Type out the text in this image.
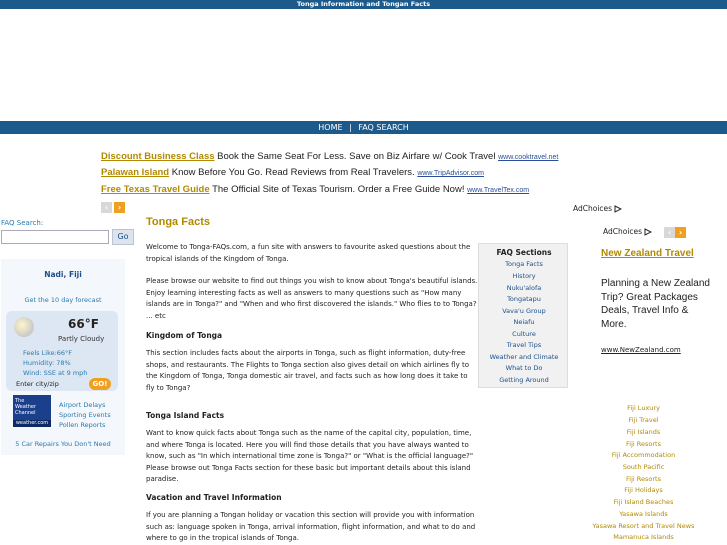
Tonga Information and Tongan Facts
HOME | FAQ SEARCH
Discount Business Class Book the Same Seat For Less. Save on Biz Airfare w/ Cook Travel www.cooktravel.net
Palawan Island Know Before You Go. Read Reviews from Real Travelers. www.TripAdvisor.com
Free Texas Travel Guide The Official Site of Texas Tourism. Order a Free Guide Now! www.TravelTex.com
‹	›
FAQ Search:
Go
Nadi, Fiji
Get the 10 day forecast
66°F
Partly Cloudy
Feels Like:66°F
Humidity: 78%
Wind: SSE at 9 mph
Enter city/zip	GO!
The
Weather
Channel
weather.com
Airport Delays
Sporting Events
Pollen Reports
5 Car Repairs You Don't Need
Tonga Facts
Welcome to Tonga-FAQs.com, a fun site with answers to favourite asked questions about the tropical islands of the Kingdom of Tonga.
Please browse our website to find out things you wish to know about Tonga's beautiful islands. Enjoy learning interesting facts as well as answers to many questions such as "How many islands are in Tonga?" and "When and who first discovered the islands." Who flies to to Tonga? ... etc
Kingdom of Tonga
This section includes facts about the airports in Tonga, such as flight information, duty-free shops, and restaurants. The Flights to Tonga section also gives detail on which airlines fly to the Kingdom of Tonga, Tonga domestic air travel, and facts such as how long does it take to fly to Tonga?
Tonga Island Facts
Want to know quick facts about Tonga such as the name of the capital city, population, time, and where Tonga is located. Here you will find those details that you have always wanted to know, such as "In which international time zone is Tonga?" or "What is the official language?" Please browse out Tonga Facts section for these basic but important details about this island paradise.
Vacation and Travel Information
If you are planning a Tongan holiday or vacation this section will provide you with information such as: language spoken in Tonga, arrival information, flight information, and what to do and where to go in the tropical islands of Tonga.
FAQ Sections
Tonga Facts
History
Nuku'alofa
Tongatapu
Vava'u Group
Neiafu
Culture
Travel Tips
Weather and Climate
What to Do
Getting Around
AdChoices
AdChoices	‹ ›
New Zealand Travel
Planning a New Zealand Trip? Great Packages Deals, Travel Info & More.
www.NewZealand.com
Fiji Luxury
Fiji Travel
Fiji Islands
Fiji Resorts
Fiji Accommodation
South Pacific
Fiji Resorts
Fiji Holidays
Fiji Island Beaches
Yasawa Islands
Yasawa Resort and Travel News
Mamanuca Islands
